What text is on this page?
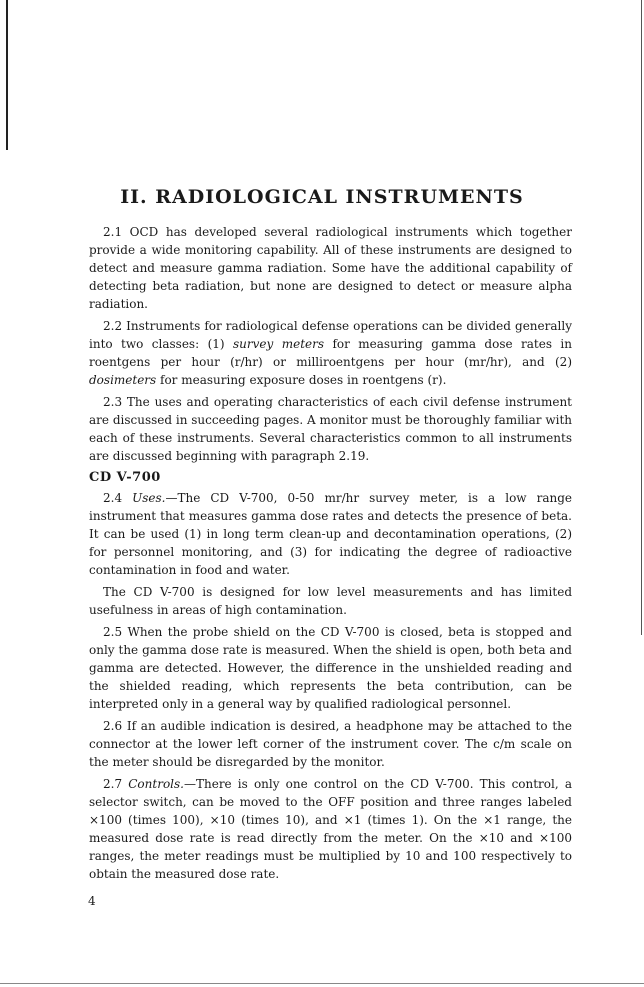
II. RADIOLOGICAL INSTRUMENTS

2.1 OCD has developed several radiological instruments which together provide a wide monitoring capability. All of these instruments are designed to detect and measure gamma radiation. Some have the additional capability of detecting beta radiation, but none are designed to detect or measure alpha radiation.

2.2 Instruments for radiological defense operations can be divided generally into two classes: (1) survey meters for measuring gamma dose rates in roentgens per hour (r/hr) or milliroentgens per hour (mr/hr), and (2) dosimeters for measuring exposure doses in roentgens (r).

2.3 The uses and operating characteristics of each civil defense instrument are discussed in succeeding pages. A monitor must be thoroughly familiar with each of these instruments. Several characteristics common to all instruments are discussed beginning with paragraph 2.19.

CD V-700

2.4 Uses.—The CD V-700, 0-50 mr/hr survey meter, is a low range instrument that measures gamma dose rates and detects the presence of beta. It can be used (1) in long term clean-up and decontamination operations, (2) for personnel monitoring, and (3) for indicating the degree of radioactive contamination in food and water.

The CD V-700 is designed for low level measurements and has limited usefulness in areas of high contamination.

2.5 When the probe shield on the CD V-700 is closed, beta is stopped and only the gamma dose rate is measured. When the shield is open, both beta and gamma are detected. However, the difference in the unshielded reading and the shielded reading, which represents the beta contribution, can be interpreted only in a general way by qualified radiological personnel.

2.6 If an audible indication is desired, a headphone may be attached to the connector at the lower left corner of the instrument cover. The c/m scale on the meter should be disregarded by the monitor.

2.7 Controls.—There is only one control on the CD V-700. This control, a selector switch, can be moved to the OFF position and three ranges labeled ×100 (times 100), ×10 (times 10), and ×1 (times 1). On the ×1 range, the measured dose rate is read directly from the meter. On the ×10 and ×100 ranges, the meter readings must be multiplied by 10 and 100 respectively to obtain the measured dose rate.

4
